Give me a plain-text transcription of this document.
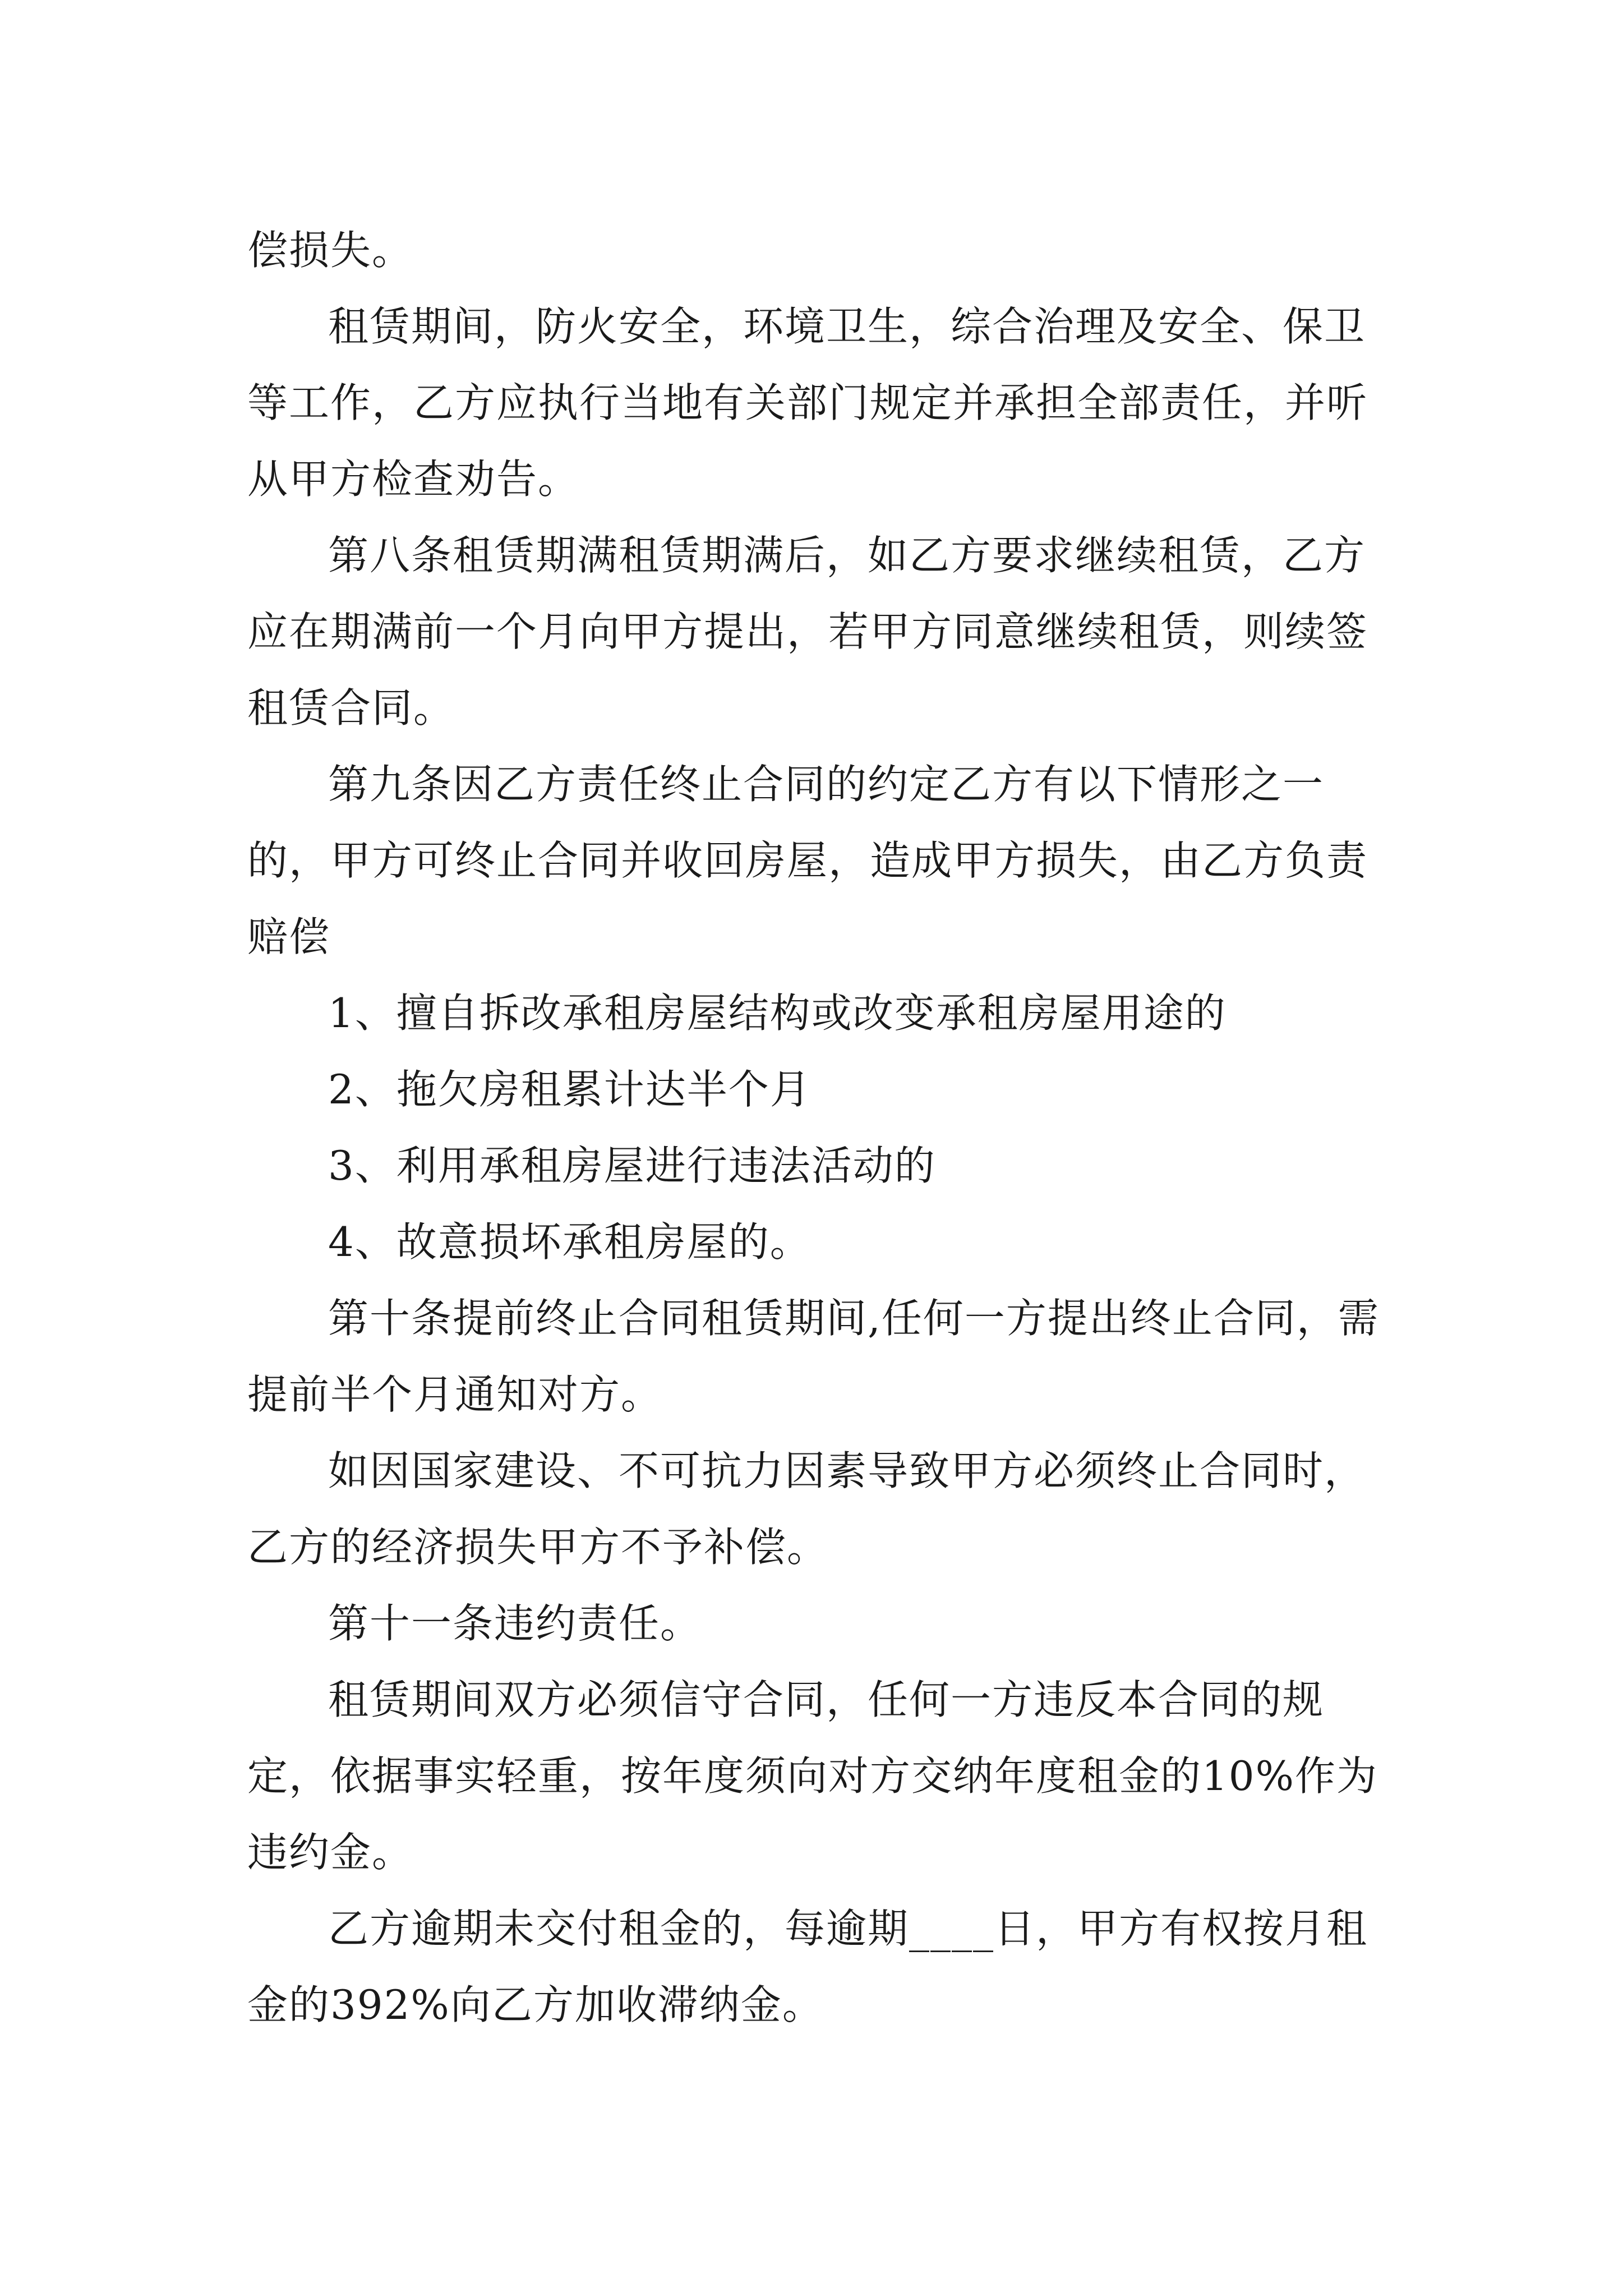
偿损失。

租赁期间，防火安全，环境卫生，综合治理及安全、保卫等工作，乙方应执行当地有关部门规定并承担全部责任，并听从甲方检查劝告。

第八条租赁期满租赁期满后，如乙方要求继续租赁，乙方应在期满前一个月向甲方提出，若甲方同意继续租赁，则续签租赁合同。

第九条因乙方责任终止合同的约定乙方有以下情形之一的，甲方可终止合同并收回房屋，造成甲方损失，由乙方负责赔偿

1、擅自拆改承租房屋结构或改变承租房屋用途的

2、拖欠房租累计达半个月

3、利用承租房屋进行违法活动的

4、故意损坏承租房屋的。

第十条提前终止合同租赁期间,任何一方提出终止合同，需提前半个月通知对方。

如因国家建设、不可抗力因素导致甲方必须终止合同时，乙方的经济损失甲方不予补偿。

第十一条违约责任。

租赁期间双方必须信守合同，任何一方违反本合同的规定，依据事实轻重，按年度须向对方交纳年度租金的10%作为违约金。

乙方逾期未交付租金的，每逾期____日，甲方有权按月租金的392%向乙方加收滞纳金。
